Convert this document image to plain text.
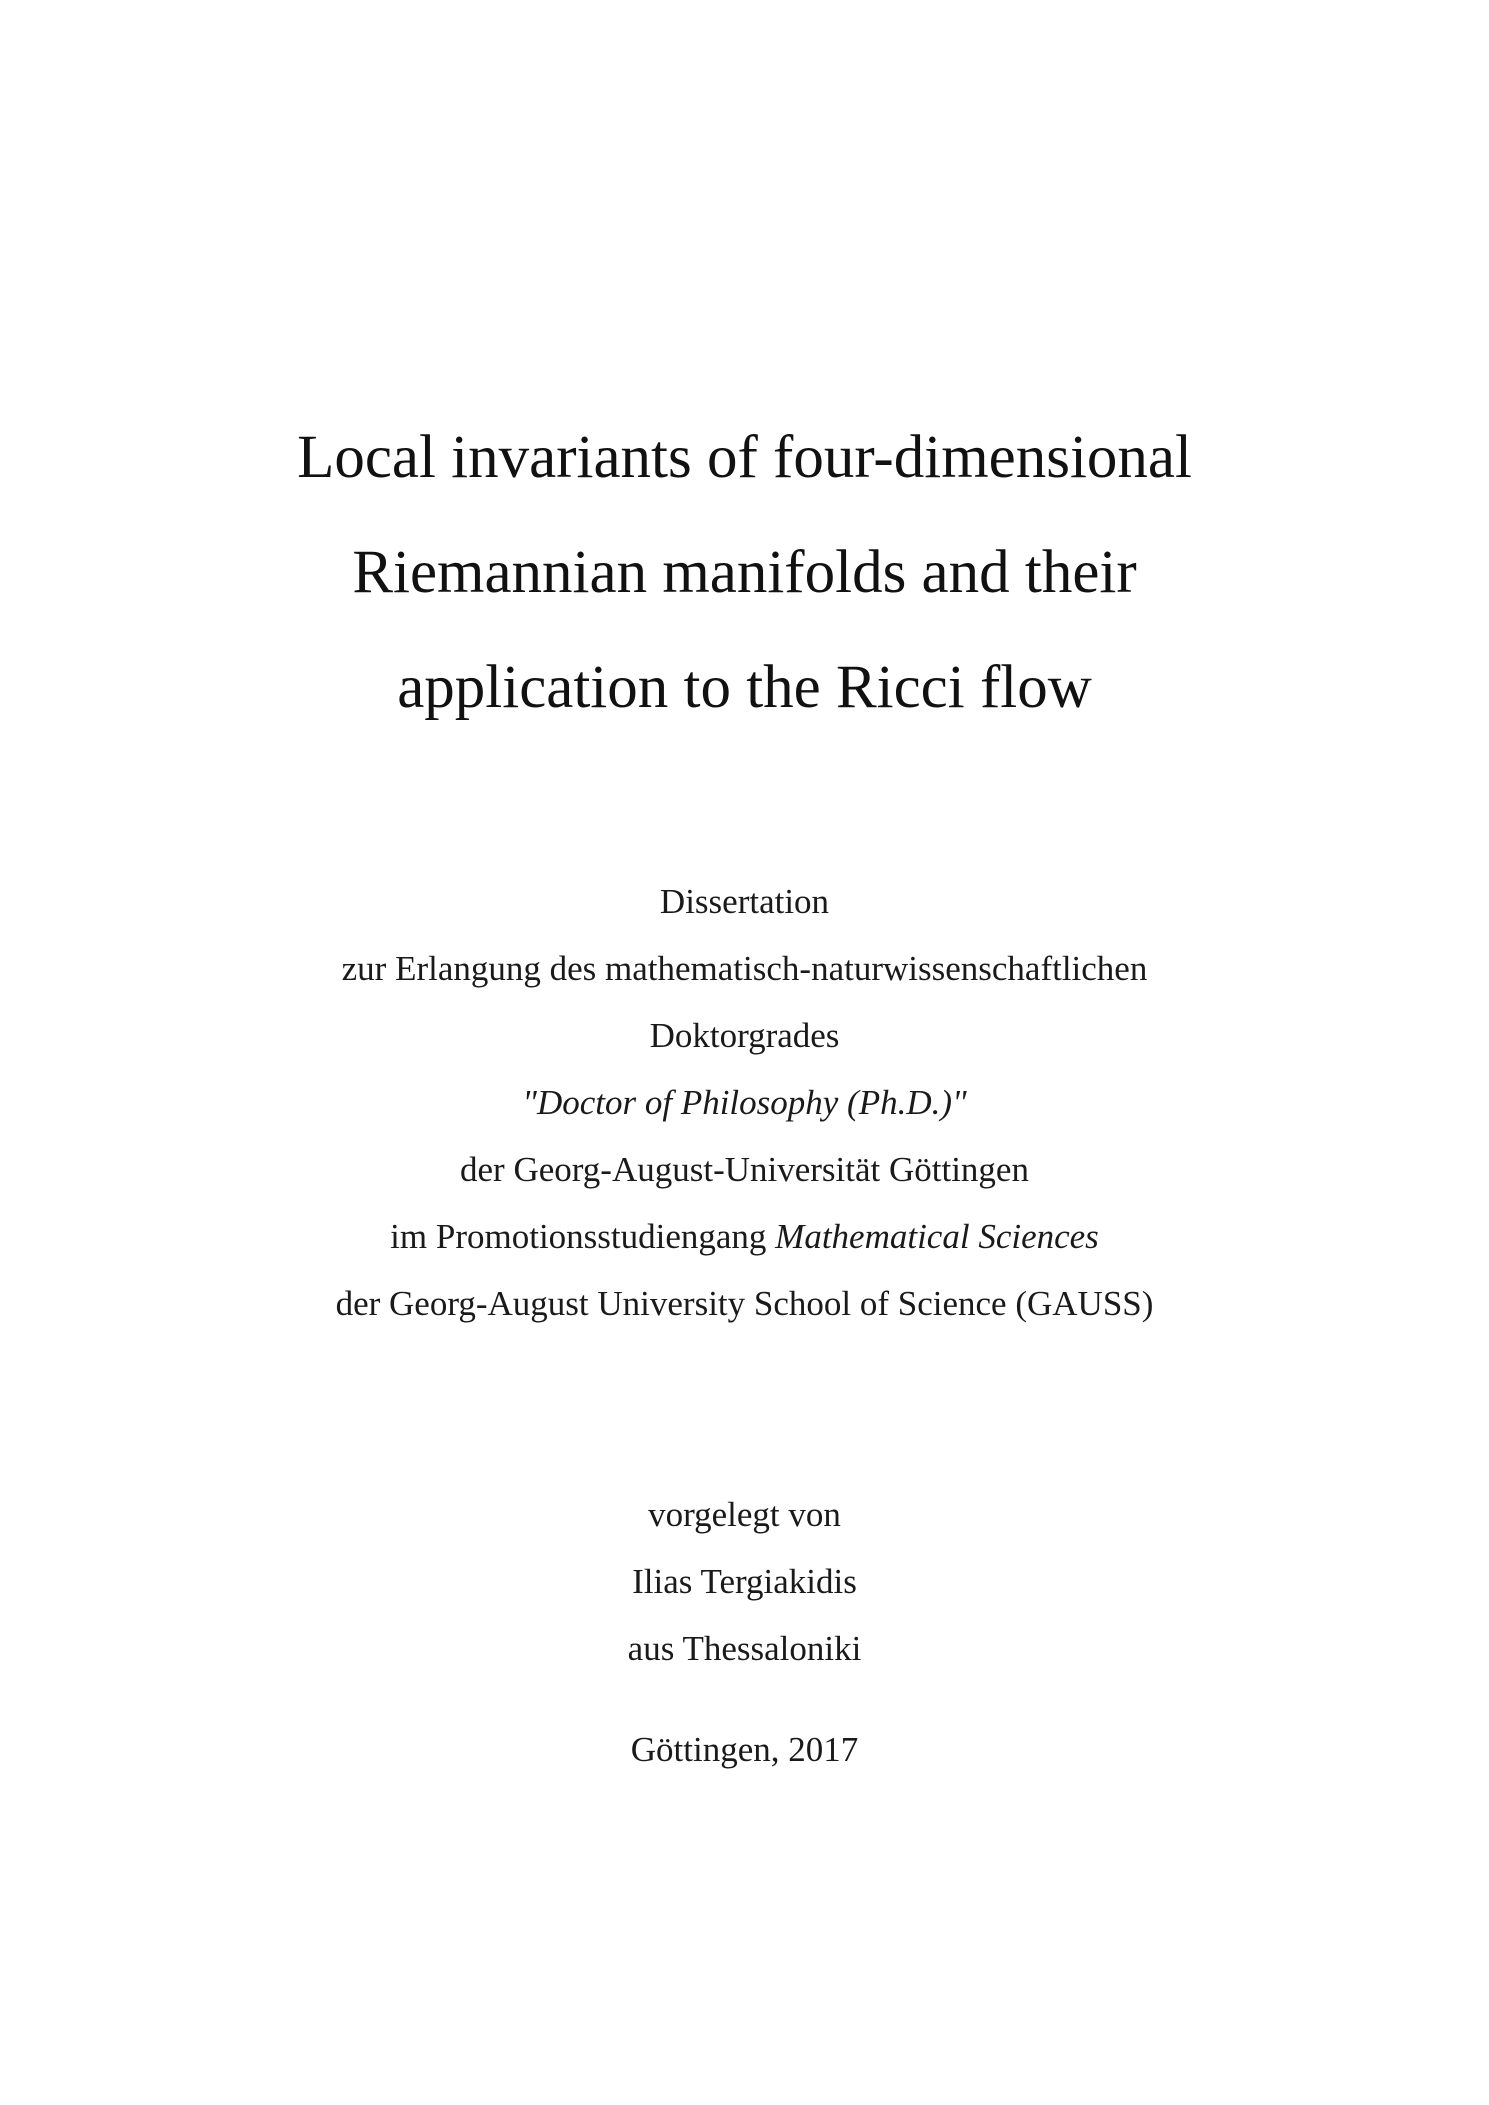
Local invariants of four-dimensional
Riemannian manifolds and their
application to the Ricci flow
Dissertation
zur Erlangung des mathematisch-naturwissenschaftlichen
Doktorgrades
"Doctor of Philosophy (Ph.D.)"
der Georg-August-Universität Göttingen
im Promotionsstudiengang Mathematical Sciences
der Georg-August University School of Science (GAUSS)
vorgelegt von
Ilias Tergiakidis
aus Thessaloniki
Göttingen, 2017
